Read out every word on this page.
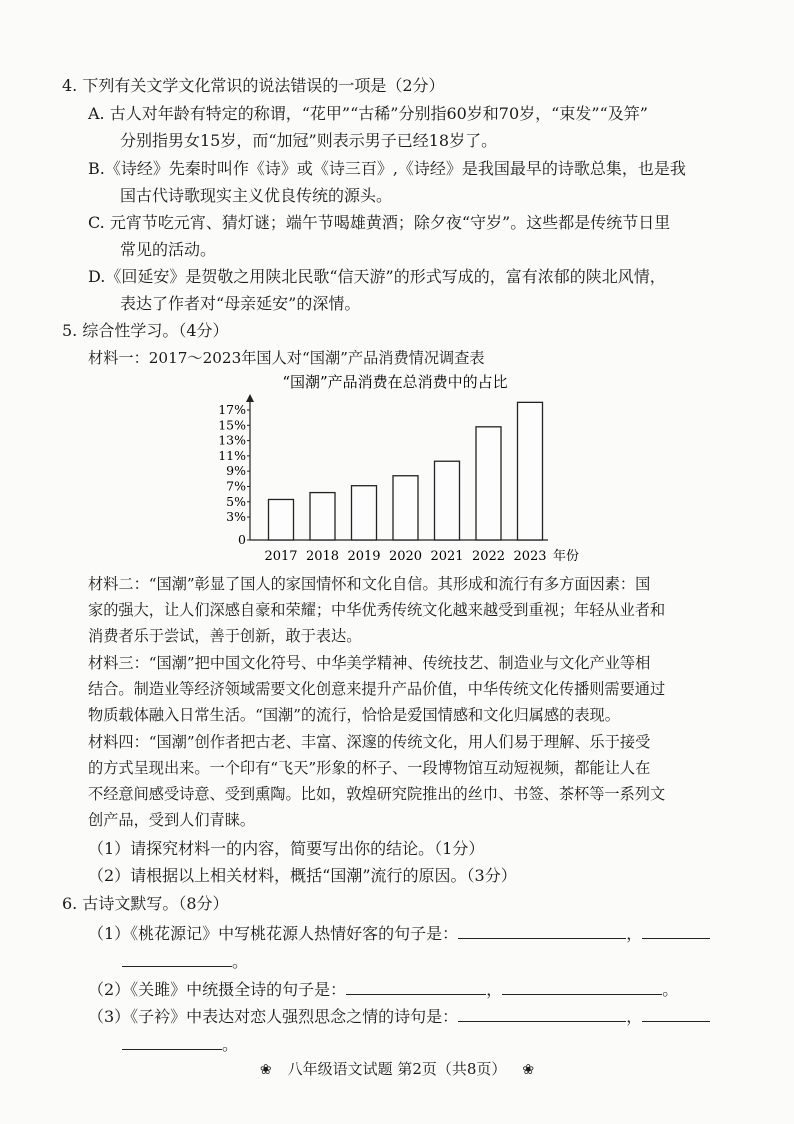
4. 下列有关文学文化常识的说法错误的一项是（2分）
A. 古人对年龄有特定的称谓，“花甲”“古稀”分别指60岁和70岁，“束发”“及笄”
分别指男女15岁，而“加冠”则表示男子已经18岁了。
B.《诗经》先秦时叫作《诗》或《诗三百》,《诗经》是我国最早的诗歌总集，也是我
国古代诗歌现实主义优良传统的源头。
C. 元宵节吃元宵、猜灯谜；端午节喝雄黄酒；除夕夜“守岁”。这些都是传统节日里
常见的活动。
D.《回延安》是贺敬之用陕北民歌“信天游”的形式写成的，富有浓郁的陕北风情，
表达了作者对“母亲延安”的深情。
5. 综合性学习。（4分）
材料一：2017～2023年国人对“国潮”产品消费情况调查表
“国潮”产品消费在总消费中的占比
0
3%
5%
7%
9%
11%
13%
15%
17%
2017 2018 2019 2020 2021 2022 2023 年份
材料二：“国潮”彰显了国人的家国情怀和文化自信。其形成和流行有多方面因素：国
家的强大，让人们深感自豪和荣耀；中华优秀传统文化越来越受到重视；年轻从业者和
消费者乐于尝试，善于创新，敢于表达。
材料三：“国潮”把中国文化符号、中华美学精神、传统技艺、制造业与文化产业等相
结合。制造业等经济领域需要文化创意来提升产品价值，中华传统文化传播则需要通过
物质载体融入日常生活。“国潮”的流行，恰恰是爱国情感和文化归属感的表现。
材料四：“国潮”创作者把古老、丰富、深邃的传统文化，用人们易于理解、乐于接受
的方式呈现出来。一个印有“飞天”形象的杯子、一段博物馆互动短视频，都能让人在
不经意间感受诗意、受到熏陶。比如，敦煌研究院推出的丝巾、书签、茶杯等一系列文
创产品，受到人们青睐。
（1）请探究材料一的内容，简要写出你的结论。（1分）
（2）请根据以上相关材料，概括“国潮”流行的原因。（3分）
6. 古诗文默写。（8分）
（1）《桃花源记》中写桃花源人热情好客的句子是：	，
。
（2）《关雎》中统摄全诗的句子是：	，	。
（3）《子衿》中表达对恋人强烈思念之情的诗句是：	，
。
❀ 八年级语文试题 第2页（共8页） ❀
